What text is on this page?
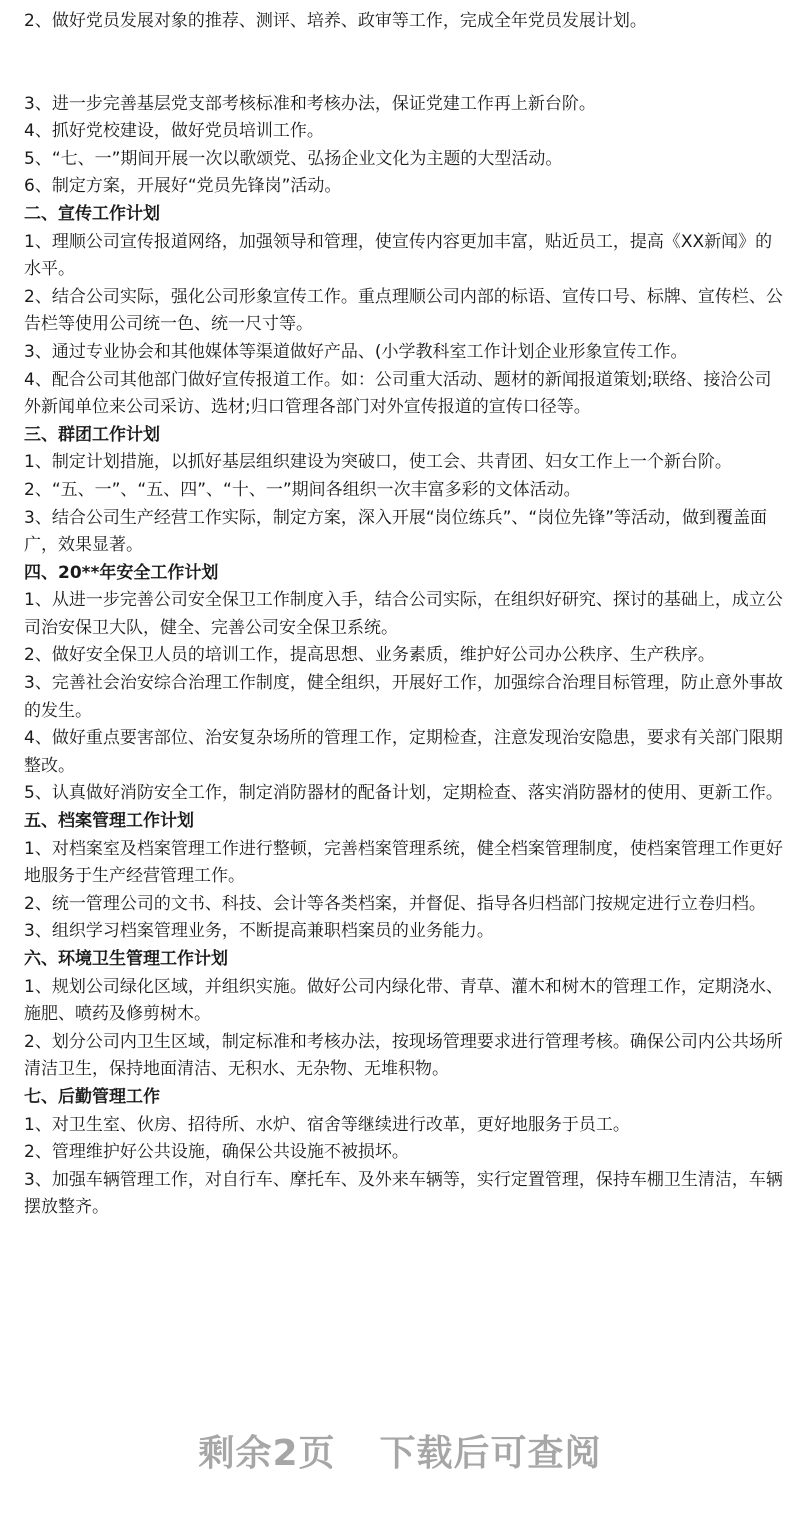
2、做好党员发展对象的推荐、测评、培养、政审等工作，完成全年党员发展计划。

3、进一步完善基层党支部考核标准和考核办法，保证党建工作再上新台阶。

4、抓好党校建设，做好党员培训工作。

5、“七、一”期间开展一次以歌颂党、弘扬企业文化为主题的大型活动。

6、制定方案，开展好“党员先锋岗”活动。

二、宣传工作计划

1、理顺公司宣传报道网络，加强领导和管理，使宣传内容更加丰富，贴近员工，提高《XX新闻》的水平。

2、结合公司实际，强化公司形象宣传工作。重点理顺公司内部的标语、宣传口号、标牌、宣传栏、公告栏等使用公司统一色、统一尺寸等。

3、通过专业协会和其他媒体等渠道做好产品、(小学教科室工作计划企业形象宣传工作。

4、配合公司其他部门做好宣传报道工作。如：公司重大活动、题材的新闻报道策划;联络、接洽公司外新闻单位来公司采访、选材;归口管理各部门对外宣传报道的宣传口径等。

三、群团工作计划

1、制定计划措施，以抓好基层组织建设为突破口，使工会、共青团、妇女工作上一个新台阶。

2、“五、一”、“五、四”、“十、一”期间各组织一次丰富多彩的文体活动。

3、结合公司生产经营工作实际，制定方案，深入开展“岗位练兵”、“岗位先锋”等活动，做到覆盖面广，效果显著。

四、20**年安全工作计划

1、从进一步完善公司安全保卫工作制度入手，结合公司实际，在组织好研究、探讨的基础上，成立公司治安保卫大队，健全、完善公司安全保卫系统。

2、做好安全保卫人员的培训工作，提高思想、业务素质，维护好公司办公秩序、生产秩序。

3、完善社会治安综合治理工作制度，健全组织，开展好工作，加强综合治理目标管理，防止意外事故的发生。

4、做好重点要害部位、治安复杂场所的管理工作，定期检查，注意发现治安隐患，要求有关部门限期整改。

5、认真做好消防安全工作，制定消防器材的配备计划，定期检查、落实消防器材的使用、更新工作。

五、档案管理工作计划

1、对档案室及档案管理工作进行整顿，完善档案管理系统，健全档案管理制度，使档案管理工作更好地服务于生产经营管理工作。

2、统一管理公司的文书、科技、会计等各类档案，并督促、指导各归档部门按规定进行立卷归档。

3、组织学习档案管理业务，不断提高兼职档案员的业务能力。

六、环境卫生管理工作计划

1、规划公司绿化区域，并组织实施。做好公司内绿化带、青草、灌木和树木的管理工作，定期浇水、施肥、喷药及修剪树木。

2、划分公司内卫生区域，制定标准和考核办法，按现场管理要求进行管理考核。确保公司内公共场所清洁卫生，保持地面清洁、无积水、无杂物、无堆积物。

七、后勤管理工作

1、对卫生室、伙房、招待所、水炉、宿舍等继续进行改革，更好地服务于员工。

2、管理维护好公共设施，确保公共设施不被损坏。

3、加强车辆管理工作，对自行车、摩托车、及外来车辆等，实行定置管理，保持车棚卫生清洁，车辆摆放整齐。

剩余2页 下载后可查阅
